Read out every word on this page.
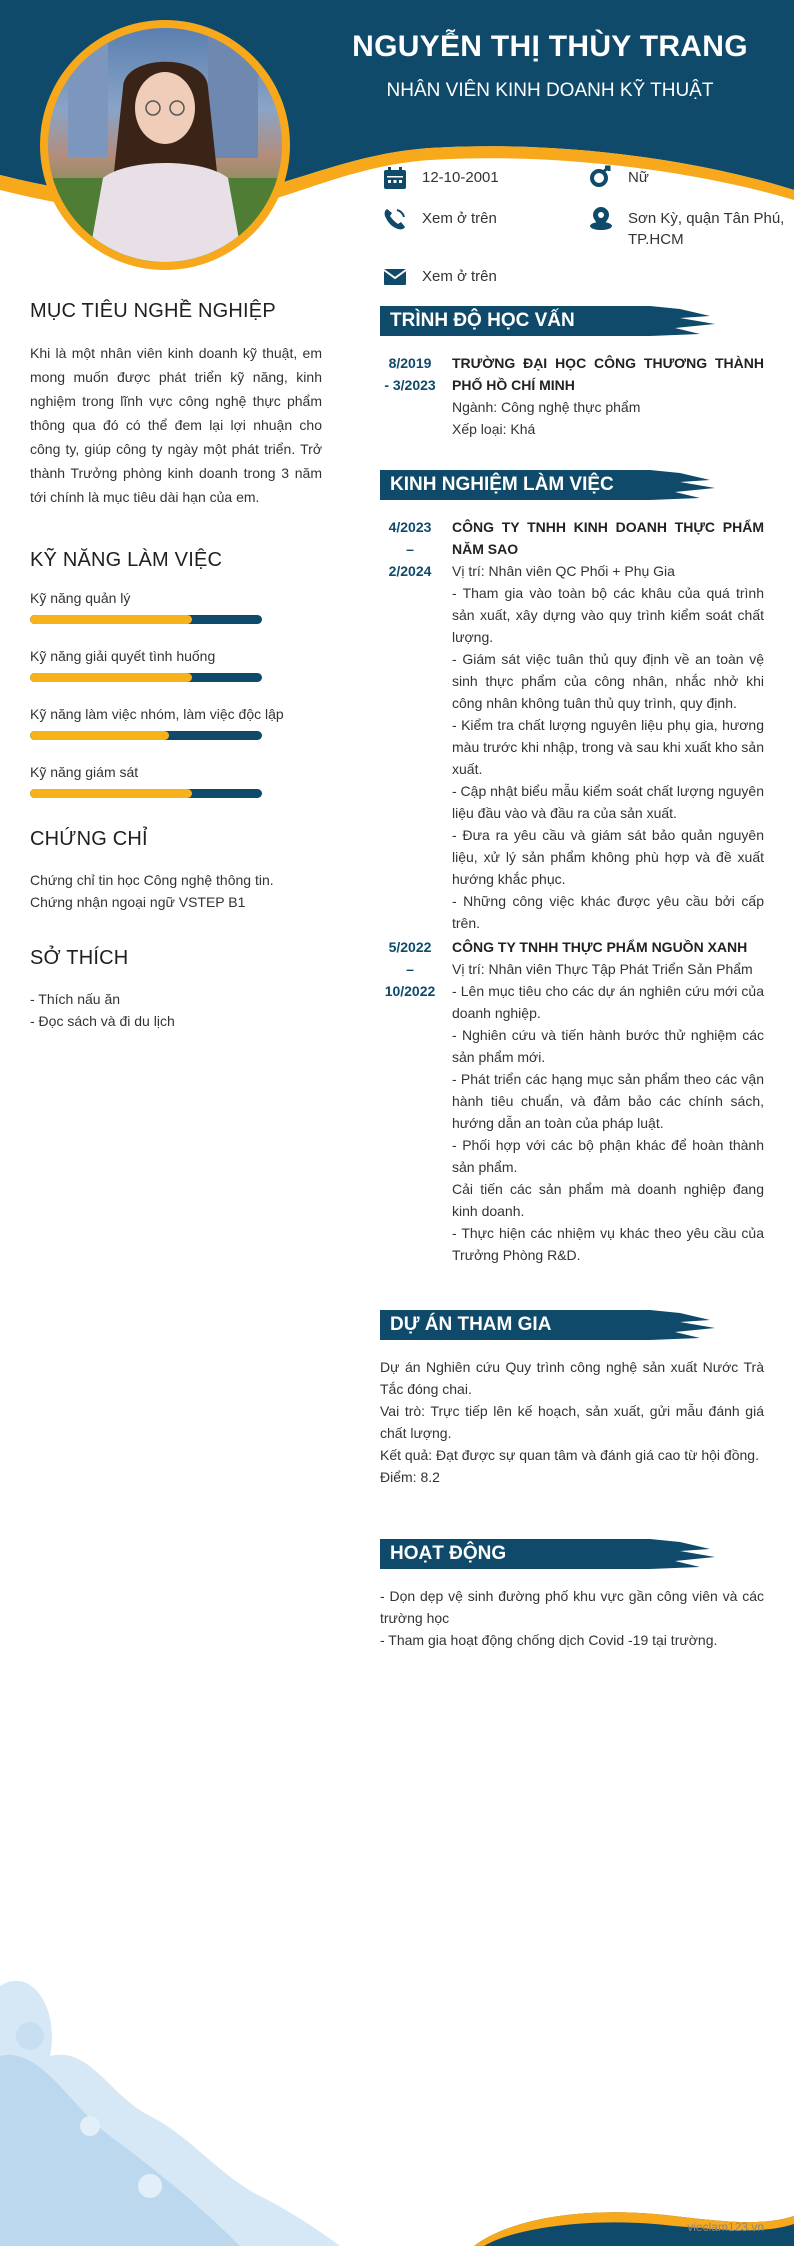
NGUYỄN THỊ THÙY TRANG
NHÂN VIÊN KINH DOANH KỸ THUẬT
12-10-2001	Nữ
Xem ở trên	Sơn Kỳ, quận Tân Phú,
TP.HCM
Xem ở trên
MỤC TIÊU NGHỀ NGHIỆP

Khi là một nhân viên kinh doanh kỹ thuật, em mong muốn được phát triển kỹ năng, kinh nghiệm trong lĩnh vực công nghệ thực phẩm thông qua đó có thể đem lại lợi nhuận cho công ty, giúp công ty ngày một phát triển. Trở thành Trưởng phòng kinh doanh trong 3 năm tới chính là mục tiêu dài hạn của em.

KỸ NĂNG LÀM VIỆC
Kỹ năng quản lý
Kỹ năng giải quyết tình huống
Kỹ năng làm việc nhóm, làm việc độc lập
Kỹ năng giám sát
CHỨNG CHỈ
Chứng chỉ tin học Công nghệ thông tin.
Chứng nhận ngoại ngữ VSTEP B1
SỞ THÍCH
- Thích nấu ăn
- Đọc sách và đi du lịch
TRÌNH ĐỘ HỌC VẤN
8/2019
- 3/2023

TRƯỜNG ĐẠI HỌC CÔNG THƯƠNG THÀNH PHỐ HỒ CHÍ MINH

Ngành: Công nghệ thực phẩm

Xếp loại: Khá

KINH NGHIỆM LÀM VIỆC
4/2023
–
2/2024

CÔNG TY TNHH KINH DOANH THỰC PHẨM NĂM SAO

Vị trí: Nhân viên QC Phối + Phụ Gia

- Tham gia vào toàn bộ các khâu của quá trình sản xuất, xây dựng vào quy trình kiểm soát chất lượng.

- Giám sát việc tuân thủ quy định về an toàn vệ sinh thực phẩm của công nhân, nhắc nhở khi công nhân không tuân thủ quy trình, quy định.

- Kiểm tra chất lượng nguyên liệu phụ gia, hương màu trước khi nhập, trong và sau khi xuất kho sản xuất.

- Cập nhật biểu mẫu kiểm soát chất lượng nguyên liệu đầu vào và đầu ra của sản xuất.

- Đưa ra yêu cầu và giám sát bảo quản nguyên liệu, xử lý sản phẩm không phù hợp và đề xuất hướng khắc phục.

- Những công việc khác được yêu cầu bởi cấp trên.

5/2022
–
10/2022

CÔNG TY TNHH THỰC PHẨM NGUỒN XANH

Vị trí: Nhân viên Thực Tập Phát Triển Sản Phẩm

- Lên mục tiêu cho các dự án nghiên cứu mới của doanh nghiệp.

- Nghiên cứu và tiến hành bước thử nghiệm các sản phẩm mới.

- Phát triển các hạng mục sản phẩm theo các vận hành tiêu chuẩn, và đảm bảo các chính sách, hướng dẫn an toàn của pháp luật.

- Phối hợp với các bộ phận khác để hoàn thành sản phẩm.

Cải tiến các sản phẩm mà doanh nghiệp đang kinh doanh.

- Thực hiện các nhiệm vụ khác theo yêu cầu của Trưởng Phòng R&D.

DỰ ÁN THAM GIA

Dự án Nghiên cứu Quy trình công nghệ sản xuất Nước Trà Tắc đóng chai.

Vai trò: Trực tiếp lên kế hoạch, sản xuất, gửi mẫu đánh giá chất lượng.

Kết quả: Đạt được sự quan tâm và đánh giá cao từ hội đồng.

Điểm: 8.2

HOẠT ĐỘNG

- Dọn dẹp vệ sinh đường phố khu vực gần công viên và các trường học

- Tham gia hoạt động chống dịch Covid -19 tại trường.

vieclam123.vn
